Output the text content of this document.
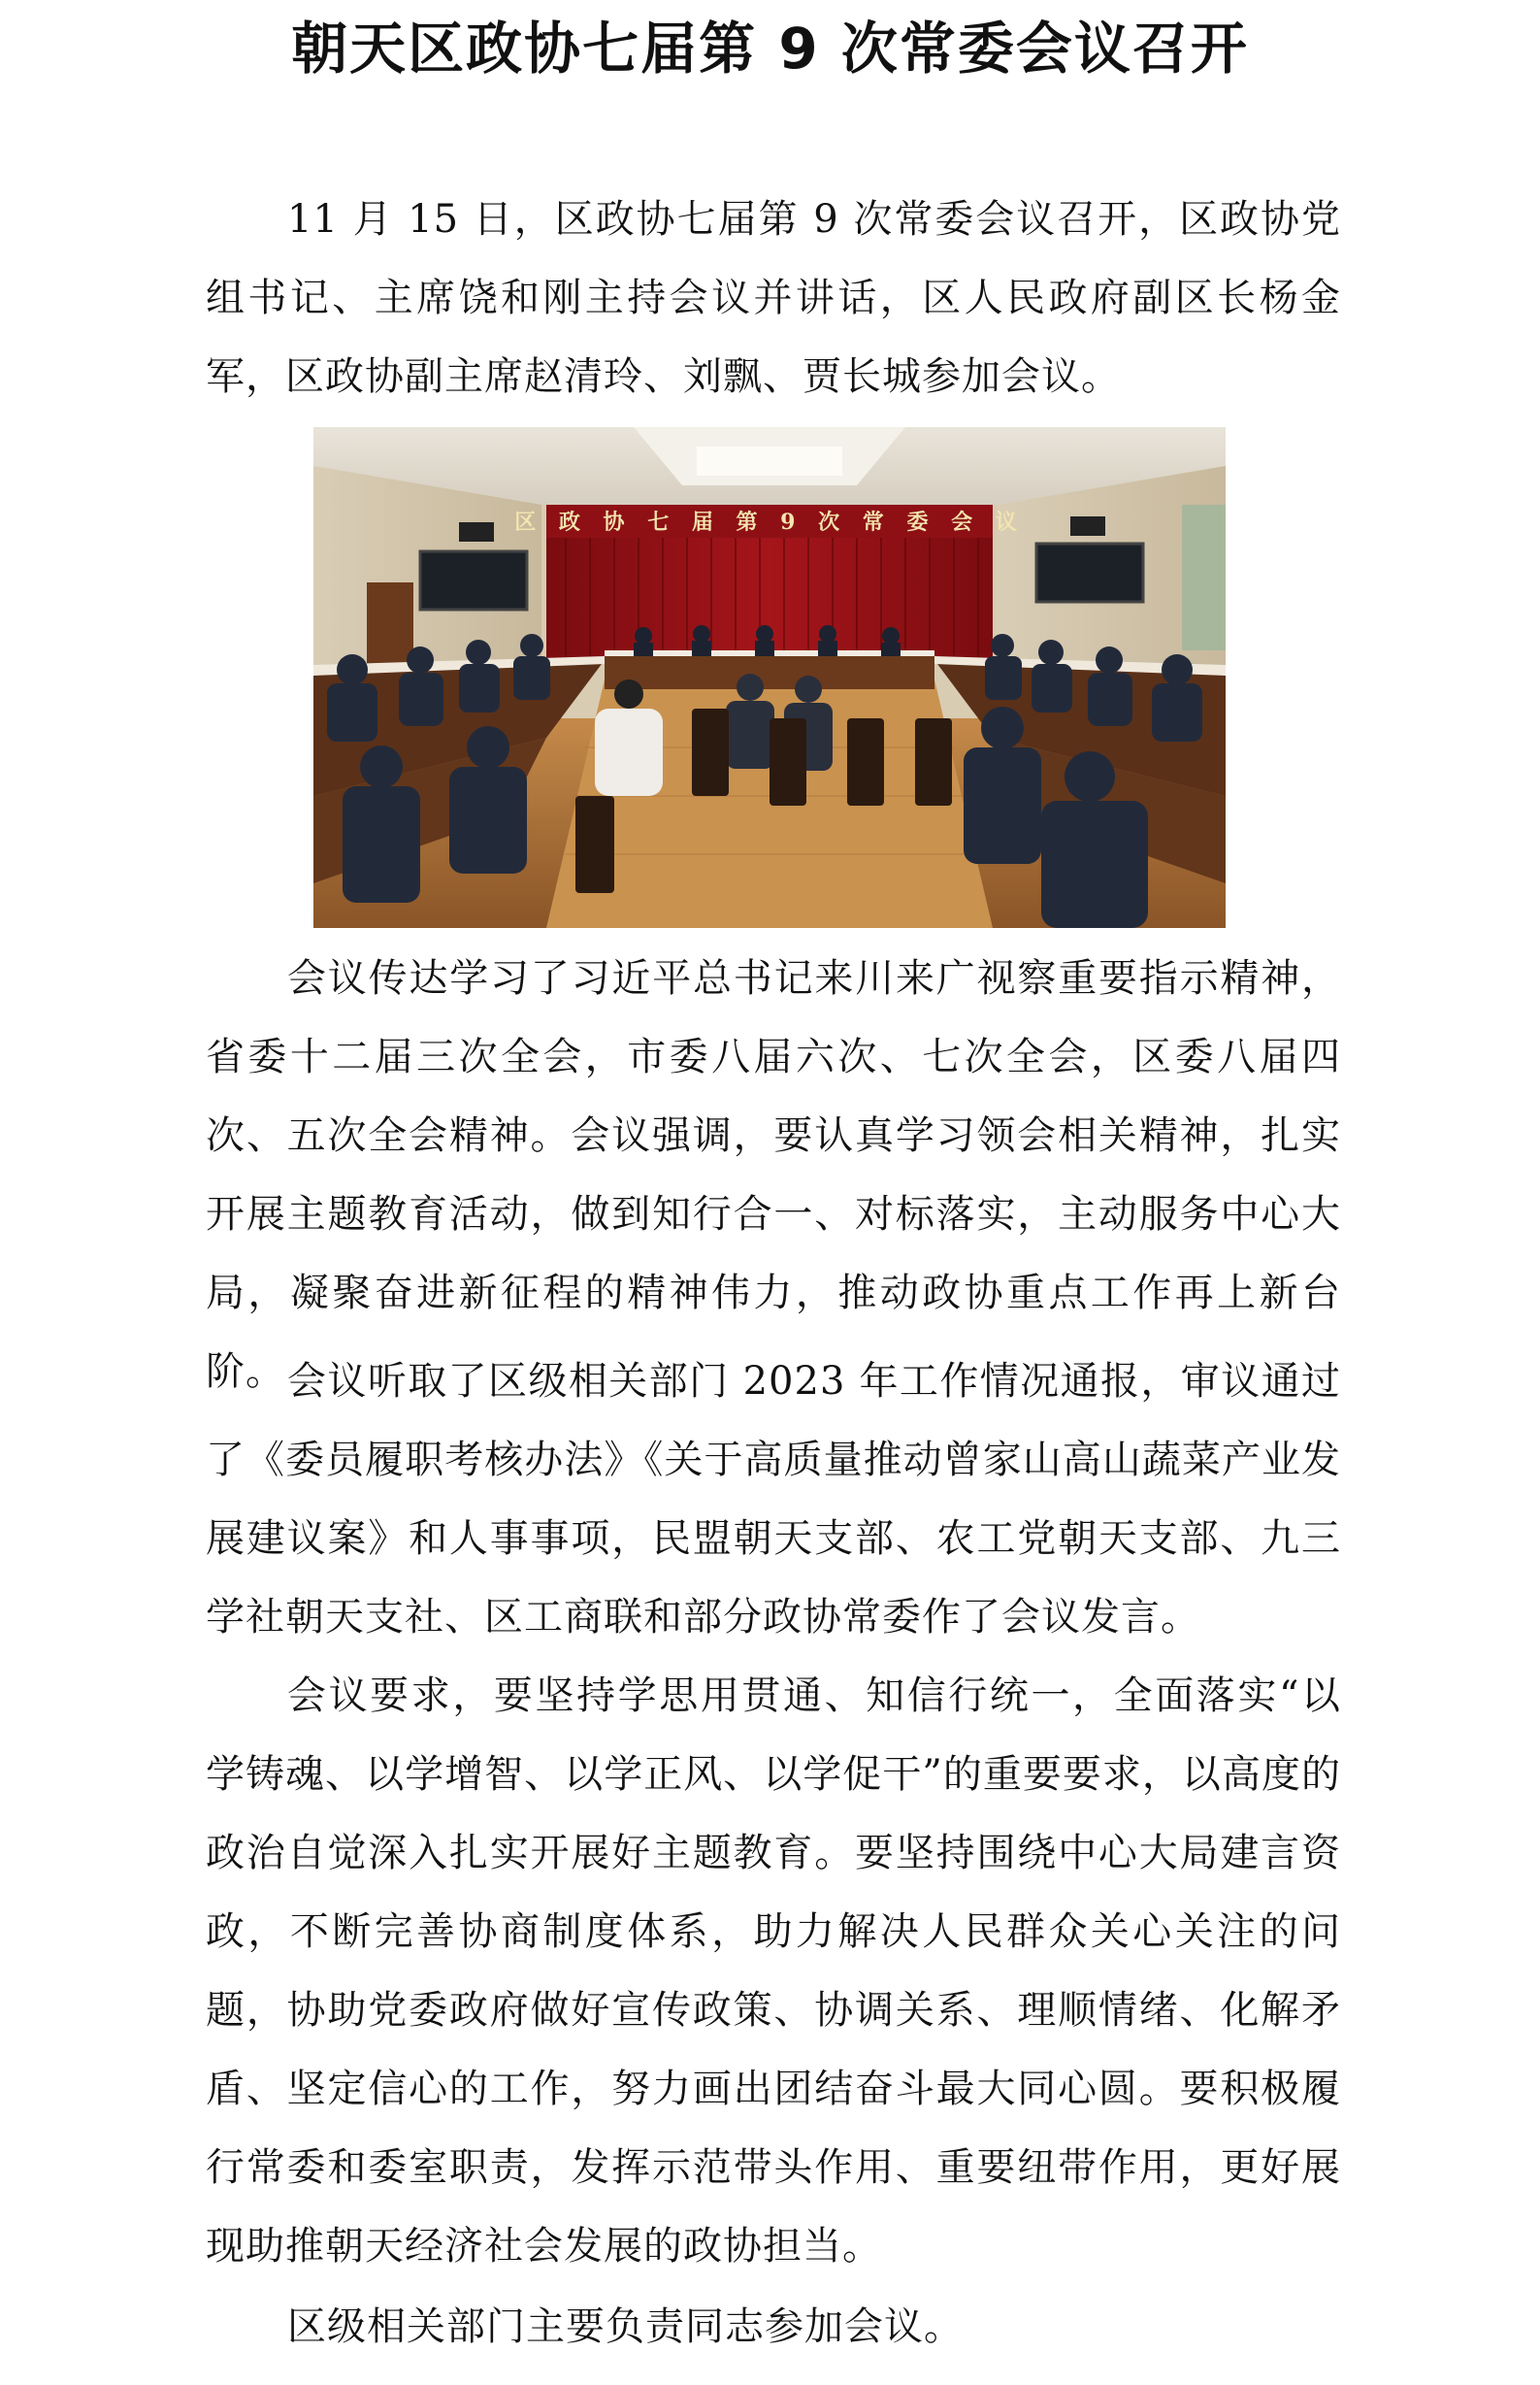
朝天区政协七届第 9 次常委会议召开

11 月 15 日，区政协七届第 9 次常委会议召开，区政协党组书记、主席饶和刚主持会议并讲话，区人民政府副区长杨金军，区政协副主席赵清玲、刘飘、贾长城参加会议。

区 政 协 七 届 第 9 次 常 委 会 议

会议传达学习了习近平总书记来川来广视察重要指示精神，省委十二届三次全会，市委八届六次、七次全会，区委八届四次、五次全会精神。会议强调，要认真学习领会相关精神，扎实开展主题教育活动，做到知行合一、对标落实，主动服务中心大局，凝聚奋进新征程的精神伟力，推动政协重点工作再上新台阶。 会议听取了区级相关部门 2023 年工作情况通报，审议通过了《委员履职考核办法》《关于高质量推动曾家山高山蔬菜产业发展建议案》和人事事项，民盟朝天支部、农工党朝天支部、九三学社朝天支社、区工商联和部分政协常委作了会议发言。

会议要求，要坚持学思用贯通、知信行统一，全面落实“以学铸魂、以学增智、以学正风、以学促干”的重要要求，以高度的政治自觉深入扎实开展好主题教育。要坚持围绕中心大局建言资政，不断完善协商制度体系，助力解决人民群众关心关注的问题，协助党委政府做好宣传政策、协调关系、理顺情绪、化解矛盾、坚定信心的工作，努力画出团结奋斗最大同心圆。要积极履行常委和委室职责，发挥示范带头作用、重要纽带作用，更好展现助推朝天经济社会发展的政协担当。

区级相关部门主要负责同志参加会议。
